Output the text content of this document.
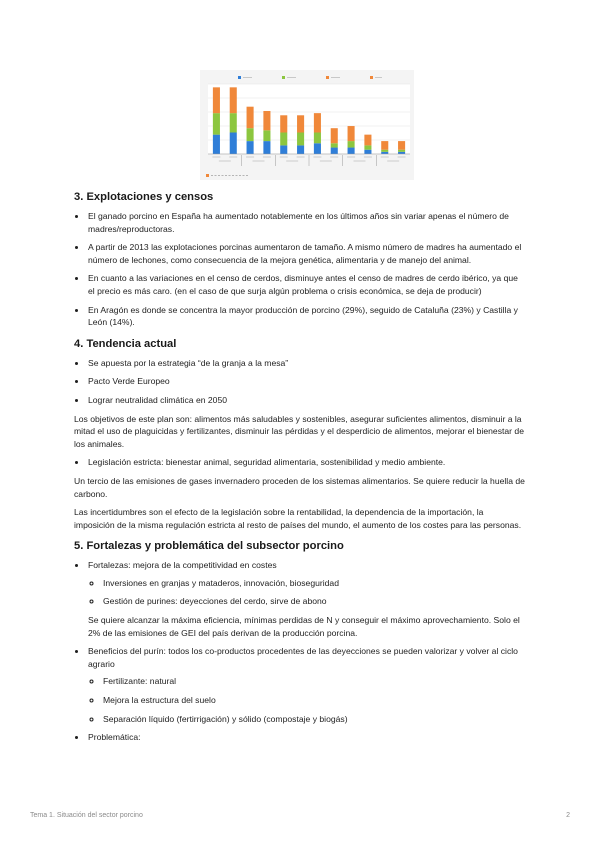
3. Explotaciones y censos
• El ganado porcino en España ha aumentado notablemente en los últimos años sin variar apenas el número de madres/reproductoras.
• A partir de 2013 las explotaciones porcinas aumentaron de tamaño. A mismo número de madres ha aumentado el número de lechones, como consecuencia de la mejora genética, alimentaria y de manejo del animal.
• En cuanto a las variaciones en el censo de cerdos, disminuye antes el censo de madres de cerdo ibérico, ya que el precio es más caro. (en el caso de que surja algún problema o crisis económica, se deja de producir)
• En Aragón es donde se concentra la mayor producción de porcino (29%), seguido de Cataluña (23%) y Castilla y León (14%).
4. Tendencia actual
• Se apuesta por la estrategia “de la granja a la mesa”
• Pacto Verde Europeo
• Lograr neutralidad climática en 2050

Los objetivos de este plan son: alimentos más saludables y sostenibles, asegurar suficientes alimentos, disminuir a la mitad el uso de plaguicidas y fertilizantes, disminuir las pérdidas y el desperdicio de alimentos, mejorar el bienestar de los animales.

• Legislación estricta: bienestar animal, seguridad alimentaria, sostenibilidad y medio ambiente.

Un tercio de las emisiones de gases invernadero proceden de los sistemas alimentarios. Se quiere reducir la huella de carbono.

Las incertidumbres son el efecto de la legislación sobre la rentabilidad, la dependencia de la importación, la imposición de la misma regulación estricta al resto de países del mundo, el aumento de los costes para las personas.

5. Fortalezas y problemática del subsector porcino
• Fortalezas: mejora de la competitividad en costes
◦ Inversiones en granjas y mataderos, innovación, bioseguridad
◦ Gestión de purines: deyecciones del cerdo, sirve de abono

Se quiere alcanzar la máxima eficiencia, mínimas perdidas de N y conseguir el máximo aprovechamiento. Solo el 2% de las emisiones de GEI del país derivan de la producción porcina.

• Beneficios del purín: todos los co-productos procedentes de las deyecciones se pueden valorizar y volver al ciclo agrario
◦ Fertilizante: natural
◦ Mejora la estructura del suelo
◦ Separación líquido (fertirrigación) y sólido (compostaje y biogás)
• Problemática:
Tema 1. Situación del sector porcino	2
